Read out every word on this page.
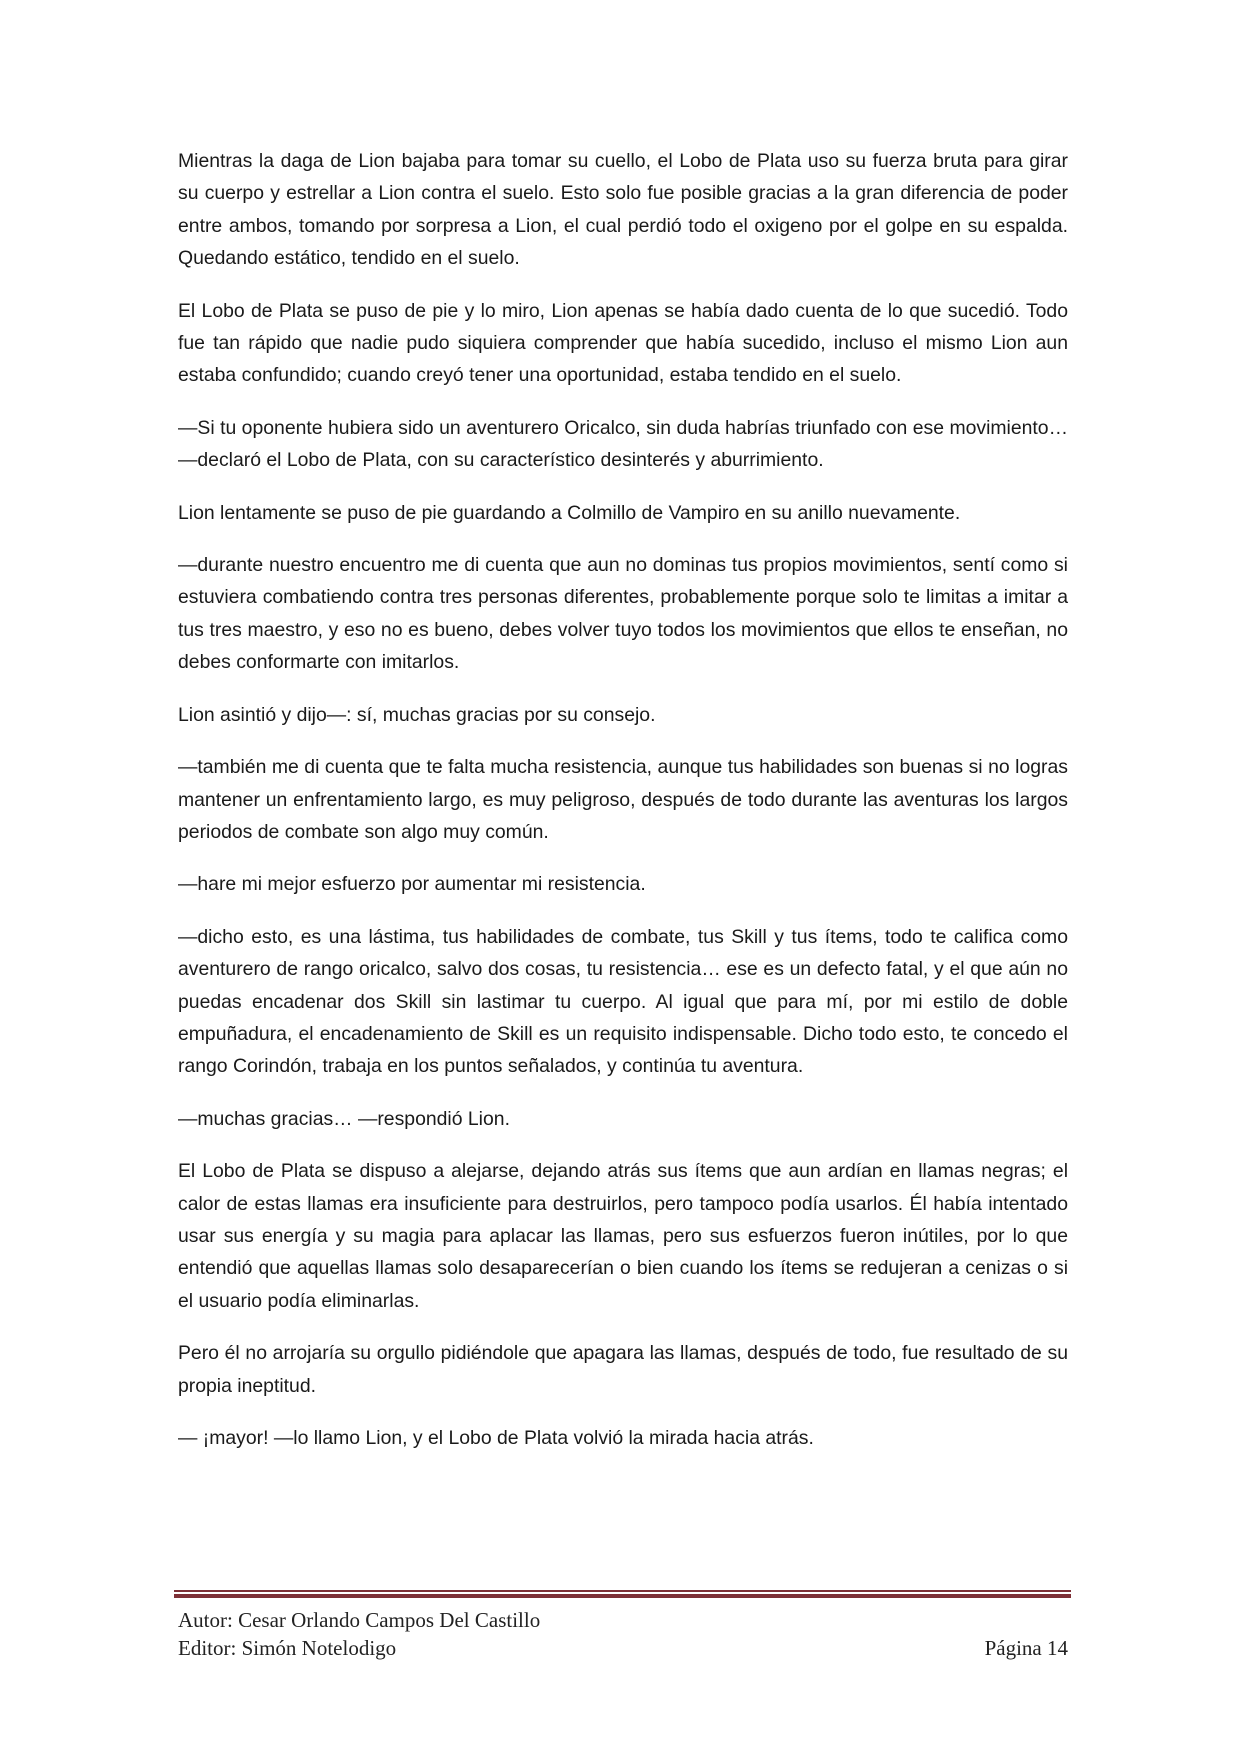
Mientras la daga de Lion bajaba para tomar su cuello, el Lobo de Plata uso su fuerza bruta para girar su cuerpo y estrellar a Lion contra el suelo. Esto solo fue posible gracias a la gran diferencia de poder entre ambos, tomando por sorpresa a Lion, el cual perdió todo el oxigeno por el golpe en su espalda. Quedando estático, tendido en el suelo.

El Lobo de Plata se puso de pie y lo miro, Lion apenas se había dado cuenta de lo que sucedió. Todo fue tan rápido que nadie pudo siquiera comprender que había sucedido, incluso el mismo Lion aun estaba confundido; cuando creyó tener una oportunidad, estaba tendido en el suelo.

—Si tu oponente hubiera sido un aventurero Oricalco, sin duda habrías triunfado con ese movimiento… —declaró el Lobo de Plata, con su característico desinterés y aburrimiento.

Lion lentamente se puso de pie guardando a Colmillo de Vampiro en su anillo nuevamente.

—durante nuestro encuentro me di cuenta que aun no dominas tus propios movimientos, sentí como si estuviera combatiendo contra tres personas diferentes, probablemente porque solo te limitas a imitar a tus tres maestro, y eso no es bueno, debes volver tuyo todos los movimientos que ellos te enseñan, no debes conformarte con imitarlos.

Lion asintió y dijo—: sí, muchas gracias por su consejo.

—también me di cuenta que te falta mucha resistencia, aunque tus habilidades son buenas si no logras mantener un enfrentamiento largo, es muy peligroso, después de todo durante las aventuras los largos periodos de combate son algo muy común.

—hare mi mejor esfuerzo por aumentar mi resistencia.

—dicho esto, es una lástima, tus habilidades de combate, tus Skill y tus ítems, todo te califica como aventurero de rango oricalco, salvo dos cosas, tu resistencia… ese es un defecto fatal, y el que aún no puedas encadenar dos Skill sin lastimar tu cuerpo. Al igual que para mí, por mi estilo de doble empuñadura, el encadenamiento de Skill es un requisito indispensable. Dicho todo esto, te concedo el rango Corindón, trabaja en los puntos señalados, y continúa tu aventura.

—muchas gracias… —respondió Lion.

El Lobo de Plata se dispuso a alejarse, dejando atrás sus ítems que aun ardían en llamas negras; el calor de estas llamas era insuficiente para destruirlos, pero tampoco podía usarlos. Él había intentado usar sus energía y su magia para aplacar las llamas, pero sus esfuerzos fueron inútiles, por lo que entendió que aquellas llamas solo desaparecerían o bien cuando los ítems se redujeran a cenizas o si el usuario podía eliminarlas.

Pero él no arrojaría su orgullo pidiéndole que apagara las llamas, después de todo, fue resultado de su propia ineptitud.

— ¡mayor! —lo llamo Lion, y el Lobo de Plata volvió la mirada hacia atrás.

Autor: Cesar Orlando Campos Del Castillo
Editor: Simón Notelodigo	Página 14
